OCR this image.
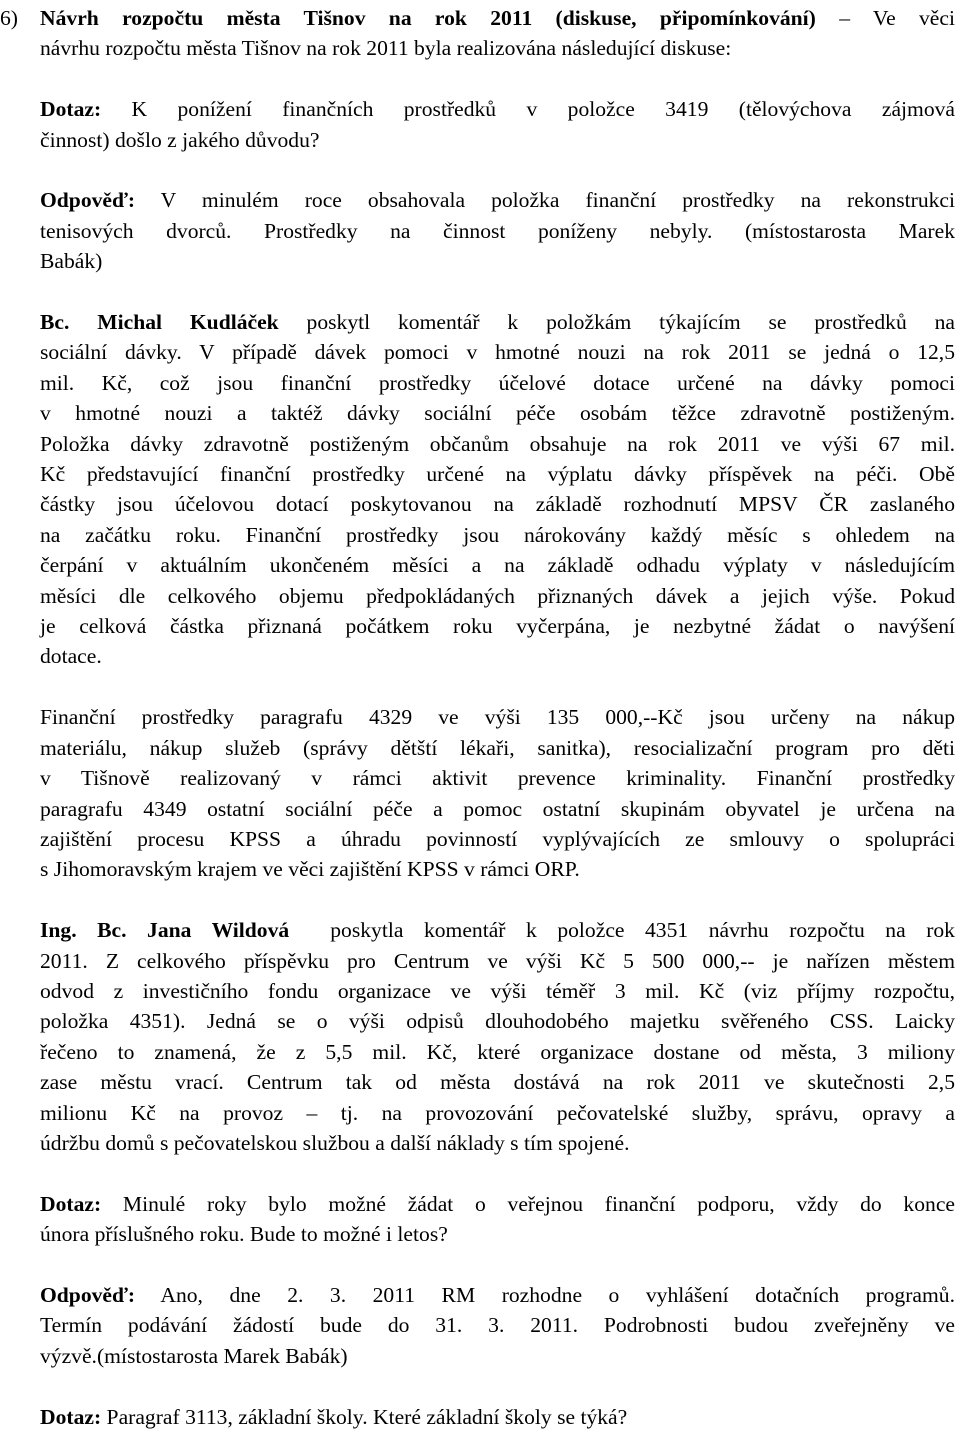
6) Návrh rozpočtu města Tišnov na rok 2011 (diskuse, připomínkování) – Ve věci
návrhu rozpočtu města Tišnov na rok 2011 byla realizována následující diskuse:

Dotaz: K ponížení finančních prostředků v položce 3419 (tělovýchova zájmová
činnost) došlo z jakého důvodu?

Odpověď: V minulém roce obsahovala položka finanční prostředky na rekonstrukci
tenisových dvorců. Prostředky na činnost poníženy nebyly. (místostarosta Marek
Babák)

Bc. Michal Kudláček poskytl komentář k položkám týkajícím se prostředků na
sociální dávky. V případě dávek pomoci v hmotné nouzi na rok 2011 se jedná o 12,5
mil. Kč, což jsou finanční prostředky účelové dotace určené na dávky pomoci
v hmotné nouzi a taktéž dávky sociální péče osobám těžce zdravotně postiženým.
Položka dávky zdravotně postiženým občanům obsahuje na rok 2011 ve výši 67 mil.
Kč představující finanční prostředky určené na výplatu dávky příspěvek na péči. Obě
částky jsou účelovou dotací poskytovanou na základě rozhodnutí MPSV ČR zaslaného
na začátku roku. Finanční prostředky jsou nárokovány každý měsíc s ohledem na
čerpání v aktuálním ukončeném měsíci a na základě odhadu výplaty v následujícím
měsíci dle celkového objemu předpokládaných přiznaných dávek a jejich výše. Pokud
je celková částka přiznaná počátkem roku vyčerpána, je nezbytné žádat o navýšení
dotace.

Finanční prostředky paragrafu 4329 ve výši 135 000,--Kč jsou určeny na nákup
materiálu, nákup služeb (správy dětští lékaři, sanitka), resocializační program pro děti
v Tišnově realizovaný v rámci aktivit prevence kriminality. Finanční prostředky
paragrafu 4349 ostatní sociální péče a pomoc ostatní skupinám obyvatel je určena na
zajištění procesu KPSS a úhradu povinností vyplývajících ze smlouvy o spolupráci
s Jihomoravským krajem ve věci zajištění KPSS v rámci ORP.

Ing. Bc. Jana Wildová  poskytla komentář k položce 4351 návrhu rozpočtu na rok
2011. Z celkového příspěvku pro Centrum ve výši Kč 5 500 000,-- je nařízen městem
odvod z investičního fondu organizace ve výši téměř 3 mil. Kč (viz příjmy rozpočtu,
položka 4351). Jedná se o výši odpisů dlouhodobého majetku svěřeného CSS. Laicky
řečeno to znamená, že z 5,5 mil. Kč, které organizace dostane od města, 3 miliony
zase městu vrací. Centrum tak od města dostává na rok 2011 ve skutečnosti 2,5
milionu Kč na provoz – tj. na provozování pečovatelské služby, správu, opravy a
údržbu domů s pečovatelskou službou a další náklady s tím spojené.

Dotaz: Minulé roky bylo možné žádat o veřejnou finanční podporu, vždy do konce
února příslušného roku. Bude to možné i letos?

Odpověď: Ano, dne 2. 3. 2011 RM rozhodne o vyhlášení dotačních programů.
Termín podávání žádostí bude do 31. 3. 2011. Podrobnosti budou zveřejněny ve
výzvě.(místostarosta Marek Babák)

Dotaz: Paragraf 3113, základní školy. Které základní školy se týká?
